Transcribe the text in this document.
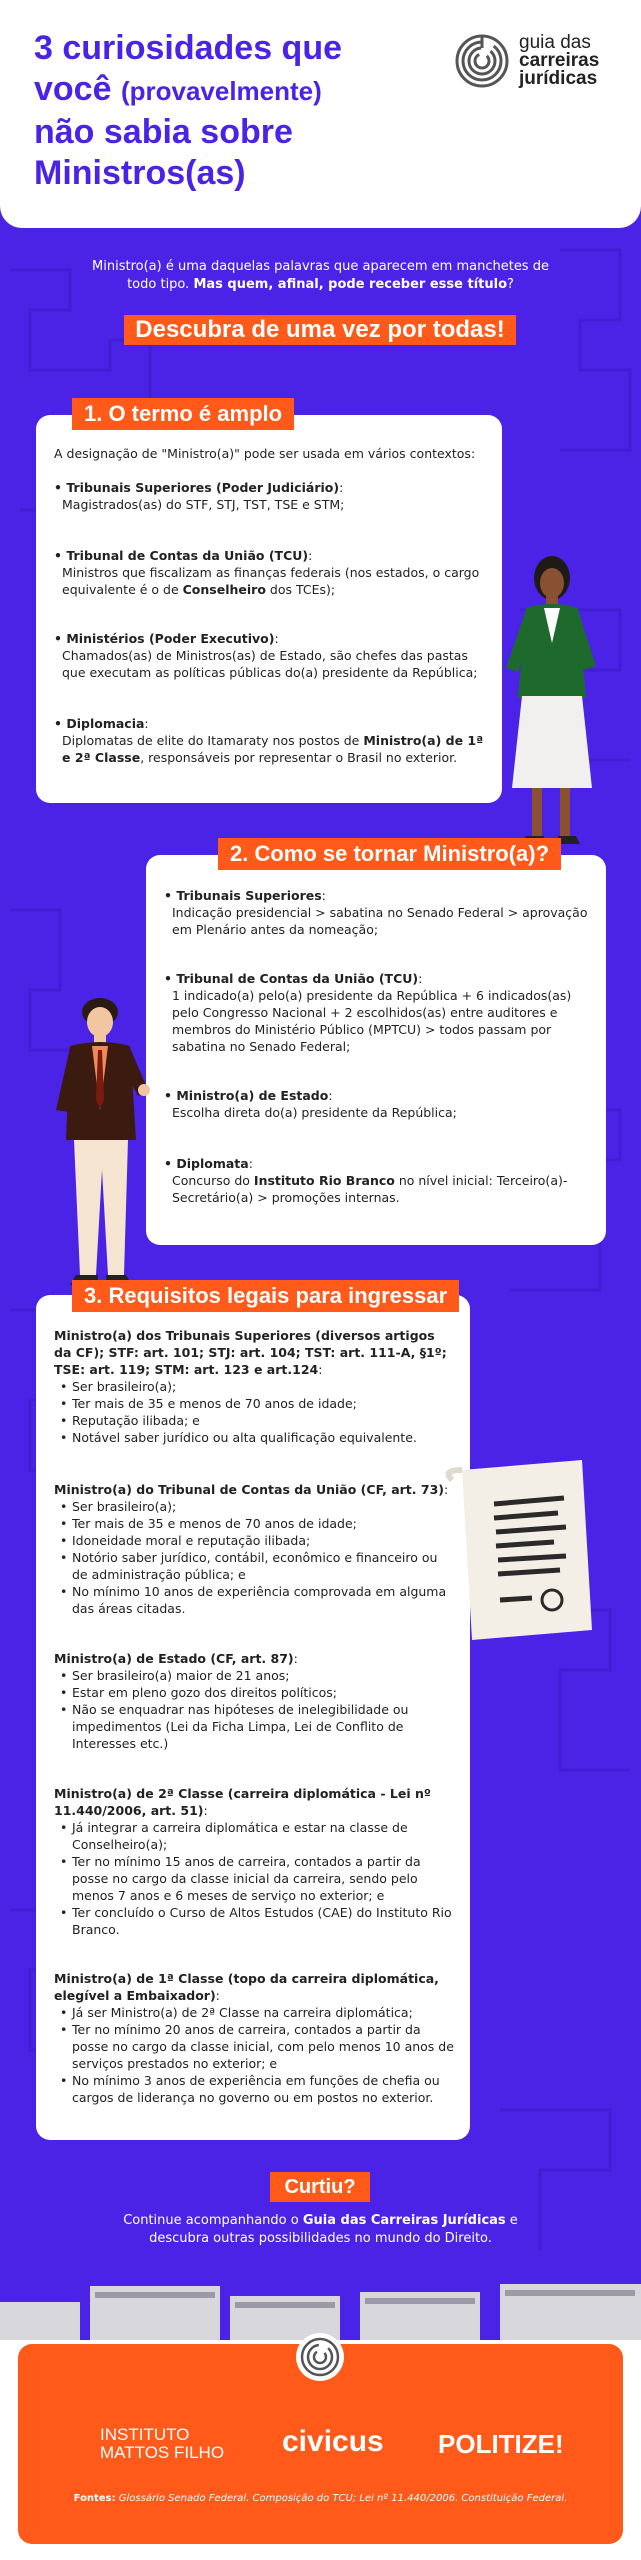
3 curiosidades que
você (provavelmente)
não sabia sobre
Ministros(as)
guia das
carreiras
jurídicas
Ministro(a) é uma daquelas palavras que aparecem em manchetes de todo tipo. Mas quem, afinal, pode receber esse título?
Descubra de uma vez por todas!
A designação de "Ministro(a)" pode ser usada em vários contextos:
• Tribunais Superiores (Poder Judiciário):
Magistrados(as) do STF, STJ, TST, TSE e STM;
• Tribunal de Contas da União (TCU):

Ministros que fiscalizam as finanças federais (nos estados, o cargo equivalente é o de Conselheiro dos TCEs);
• Ministérios (Poder Executivo):

Chamados(as) de Ministros(as) de Estado, são chefes das pastas que executam as políticas públicas do(a) presidente da República;
• Diplomacia:

Diplomatas de elite do Itamaraty nos postos de Ministro(a) de 1ª e 2ª Classe, responsáveis por representar o Brasil no exterior.
1. O termo é amplo
• Tribunais Superiores:

Indicação presidencial > sabatina no Senado Federal > aprovação em Plenário antes da nomeação;
• Tribunal de Contas da União (TCU):

1 indicado(a) pelo(a) presidente da República + 6 indicados(as) pelo Congresso Nacional + 2 escolhidos(as) entre auditores e membros do Ministério Público (MPTCU) > todos passam por sabatina no Senado Federal;
• Ministro(a) de Estado:

Escolha direta do(a) presidente da República;
• Diplomata:

Concurso do Instituto Rio Branco no nível inicial: Terceiro(a)-Secretário(a) > promoções internas.
2. Como se tornar Ministro(a)?
Ministro(a) dos Tribunais Superiores (diversos artigos da CF); STF: art. 101; STJ: art. 104; TST: art. 111-A, §1º; TSE: art. 119; STM: art. 123 e art.124:
• Ser brasileiro(a);
• Ter mais de 35 e menos de 70 anos de idade;
• Reputação ilibada; e
• Notável saber jurídico ou alta qualificação equivalente.
Ministro(a) do Tribunal de Contas da União (CF, art. 73):
• Ser brasileiro(a);
• Ter mais de 35 e menos de 70 anos de idade;
• Idoneidade moral e reputação ilibada;
• Notório saber jurídico, contábil, econômico e financeiro ou de administração pública; e
• No mínimo 10 anos de experiência comprovada em alguma das áreas citadas.
Ministro(a) de Estado (CF, art. 87):
• Ser brasileiro(a) maior de 21 anos;
• Estar em pleno gozo dos direitos políticos;
• Não se enquadrar nas hipóteses de inelegibilidade ou impedimentos (Lei da Ficha Limpa, Lei de Conflito de Interesses etc.)
Ministro(a) de 2ª Classe (carreira diplomática - Lei nº 11.440/2006, art. 51):
• Já integrar a carreira diplomática e estar na classe de Conselheiro(a);
• Ter no mínimo 15 anos de carreira, contados a partir da posse no cargo da classe inicial da carreira, sendo pelo menos 7 anos e 6 meses de serviço no exterior; e
• Ter concluído o Curso de Altos Estudos (CAE) do Instituto Rio Branco.
Ministro(a) de 1ª Classe (topo da carreira diplomática, elegível a Embaixador):
• Já ser Ministro(a) de 2ª Classe na carreira diplomática;
• Ter no mínimo 20 anos de carreira, contados a partir da posse no cargo da classe inicial, com pelo menos 10 anos de serviços prestados no exterior; e
• No mínimo 3 anos de experiência em funções de chefia ou cargos de liderança no governo ou em postos no exterior.
3. Requisitos legais para ingressar
Curtiu?
Continue acompanhando o Guia das Carreiras Jurídicas e descubra outras possibilidades no mundo do Direito.
INSTITUTO
MATTOS FILHO civicus POLITIZE!
Fontes: Glossário Senado Federal. Composição do TCU; Lei nº 11.440/2006. Constituição Federal.
